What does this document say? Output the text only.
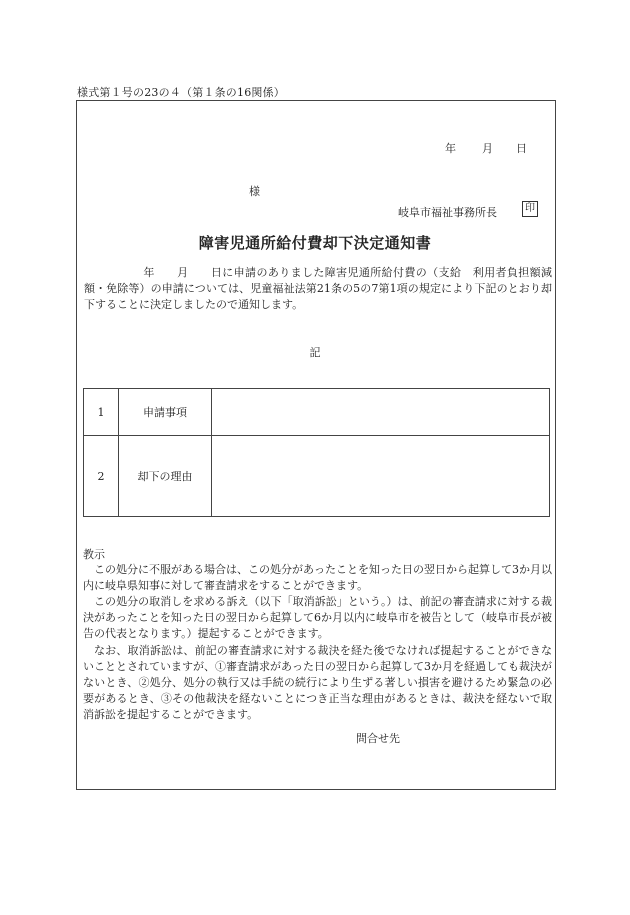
様式第１号の23の４（第１条の16関係）
年	月	日
様
岐阜市福祉事務所長	印
障害児通所給付費却下決定通知書

年 月 日に申請のありました障害児通所給付費の（支給　利用者負担額減額・免除等）の申請については、児童福祉法第21条の5の7第1項の規定により下記のとおり却下することに決定しましたので通知します。

記
1	申請事項	
2	却下の理由	
教示

この処分に不服がある場合は、この処分があったことを知った日の翌日から起算して3か月以内に岐阜県知事に対して審査請求をすることができます。

この処分の取消しを求める訴え（以下「取消訴訟」という。）は、前記の審査請求に対する裁決があったことを知った日の翌日から起算して6か月以内に岐阜市を被告として（岐阜市長が被告の代表となります。）提起することができます。

なお、取消訴訟は、前記の審査請求に対する裁決を経た後でなければ提起することができないこととされていますが、①審査請求があった日の翌日から起算して3か月を経過しても裁決がないとき、②処分、処分の執行又は手続の続行により生ずる著しい損害を避けるため緊急の必要があるとき、③その他裁決を経ないことにつき正当な理由があるときは、裁決を経ないで取消訴訟を提起することができます。

問合せ先
